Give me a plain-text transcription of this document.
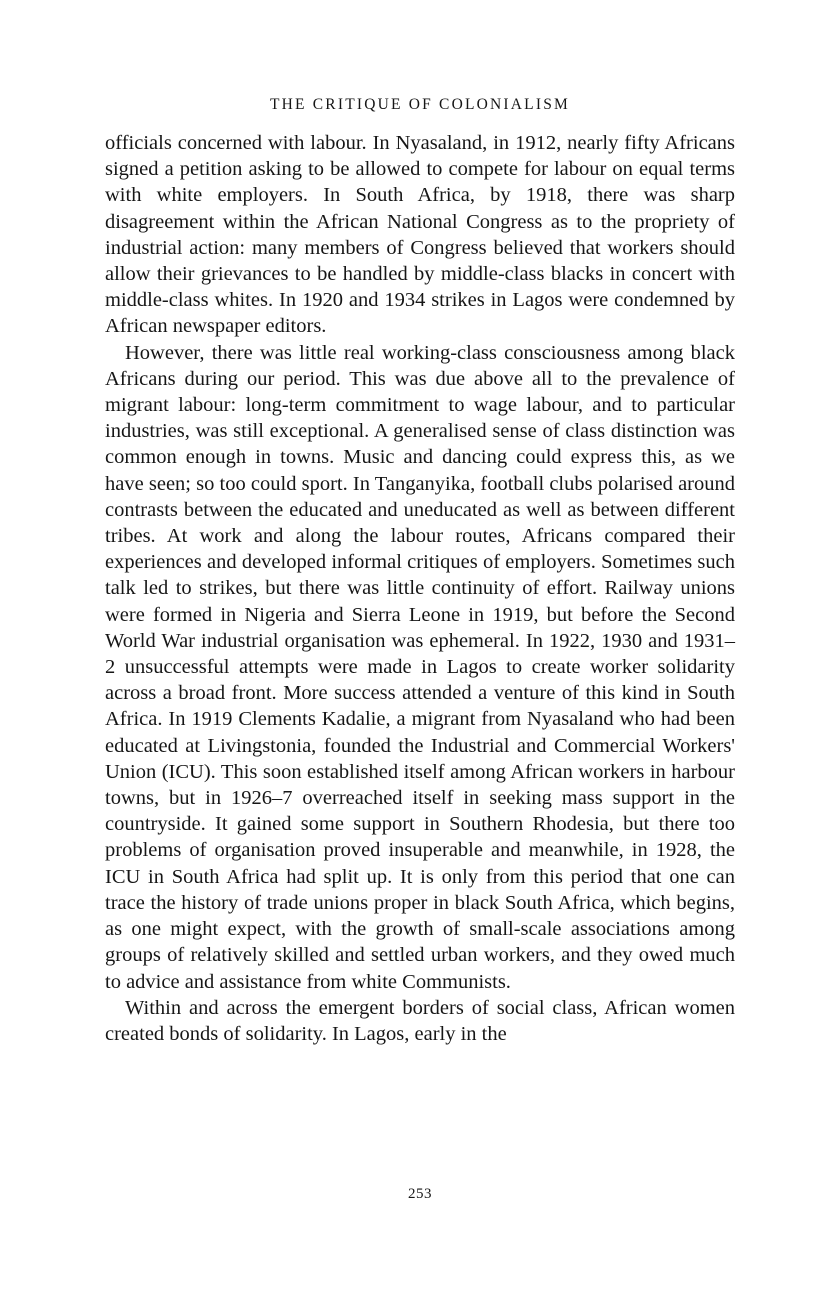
THE CRITIQUE OF COLONIALISM

officials concerned with labour. In Nyasaland, in 1912, nearly fifty Africans signed a petition asking to be allowed to compete for labour on equal terms with white employers. In South Africa, by 1918, there was sharp disagreement within the African National Congress as to the propriety of industrial action: many members of Congress believed that workers should allow their grievances to be handled by middle-class blacks in concert with middle-class whites. In 1920 and 1934 strikes in Lagos were condemned by African newspaper editors.

However, there was little real working-class consciousness among black Africans during our period. This was due above all to the prevalence of migrant labour: long-term commitment to wage labour, and to particular industries, was still exceptional. A generalised sense of class distinction was common enough in towns. Music and dancing could express this, as we have seen; so too could sport. In Tanganyika, football clubs polarised around contrasts between the educated and uneducated as well as between different tribes. At work and along the labour routes, Africans compared their experiences and developed informal critiques of employers. Sometimes such talk led to strikes, but there was little continuity of effort. Railway unions were formed in Nigeria and Sierra Leone in 1919, but before the Second World War industrial organisation was ephemeral. In 1922, 1930 and 1931–2 unsuccessful attempts were made in Lagos to create worker solidarity across a broad front. More success attended a venture of this kind in South Africa. In 1919 Clements Kadalie, a migrant from Nyasaland who had been educated at Livingstonia, founded the Industrial and Commercial Workers' Union (ICU). This soon established itself among African workers in harbour towns, but in 1926–7 overreached itself in seeking mass support in the countryside. It gained some support in Southern Rhodesia, but there too problems of organisation proved insuperable and meanwhile, in 1928, the ICU in South Africa had split up. It is only from this period that one can trace the history of trade unions proper in black South Africa, which begins, as one might expect, with the growth of small-scale associations among groups of relatively skilled and settled urban workers, and they owed much to advice and assistance from white Communists.

Within and across the emergent borders of social class, African women created bonds of solidarity. In Lagos, early in the

253
